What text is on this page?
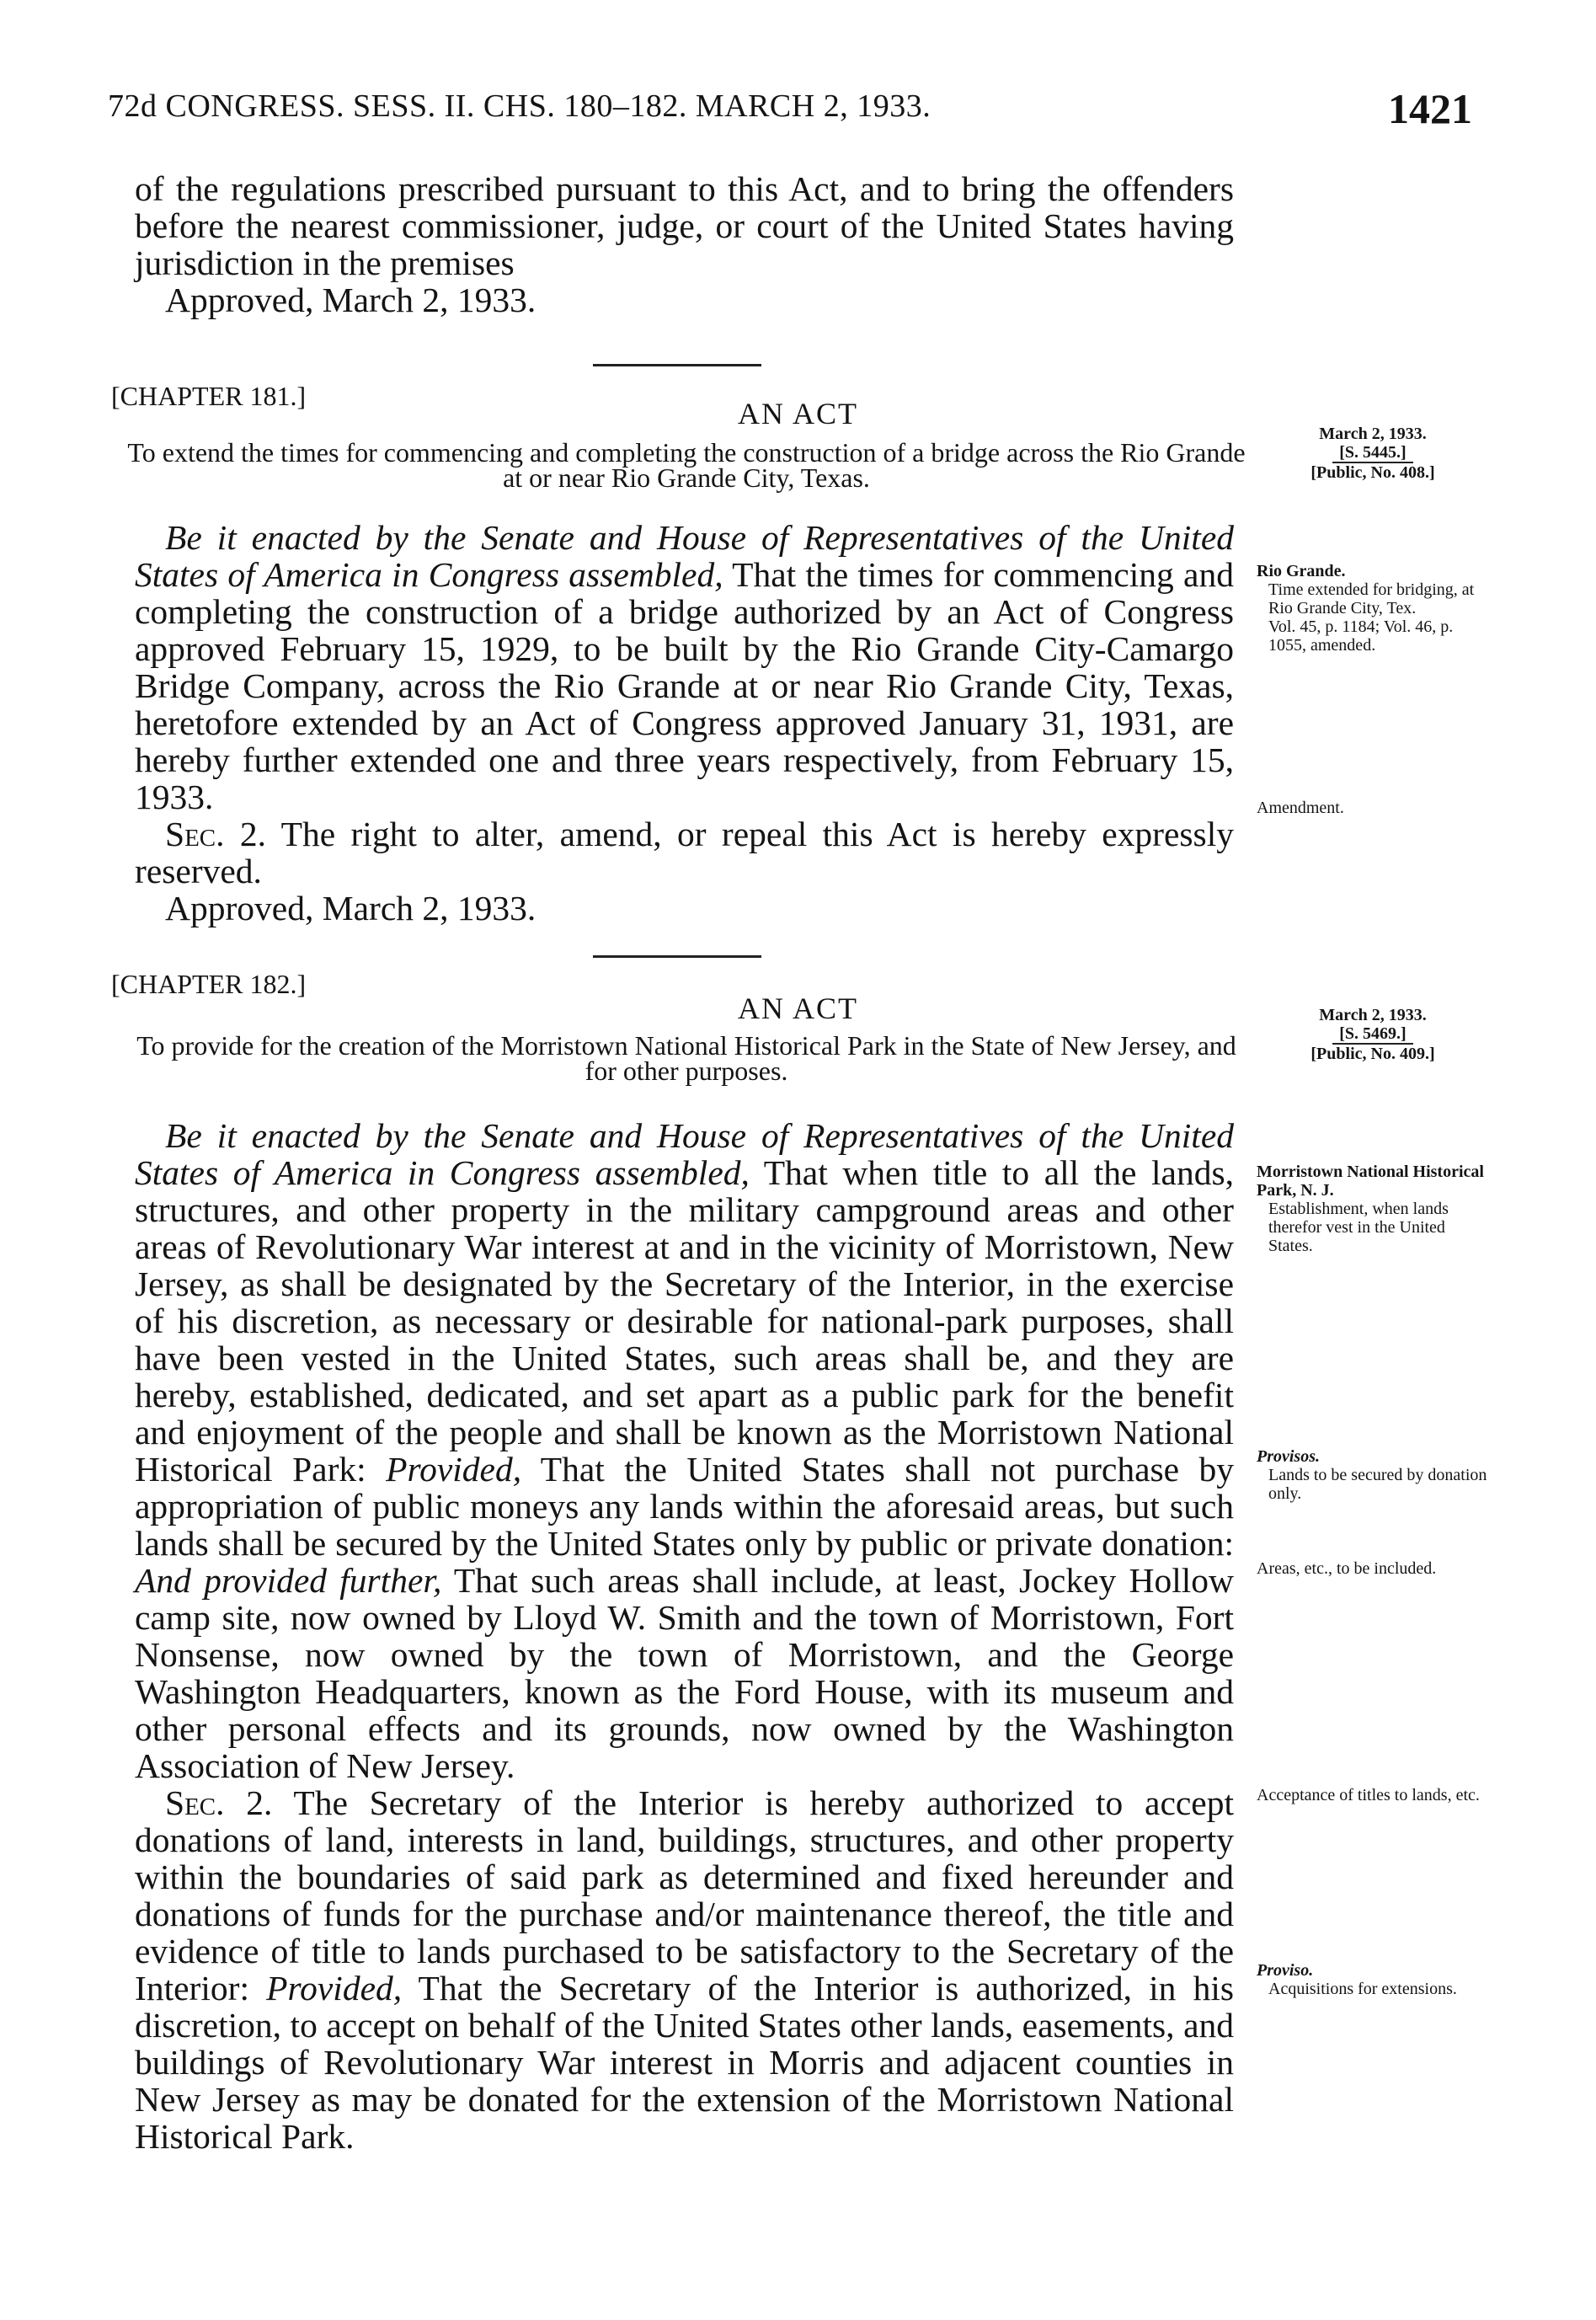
72d CONGRESS. SESS. II. CHS. 180–182. MARCH 2, 1933.	1421

of the regulations prescribed pursuant to this Act, and to bring the offenders before the nearest commissioner, judge, or court of the United States having jurisdiction in the premises

Approved, March 2, 1933.

[CHAPTER 181.]
AN ACT
To extend the times for commencing and completing the construction of a bridge across the Rio Grande at or near Rio Grande City, Texas.
March 2, 1933.
[S. 5445.]
[Public, No. 408.]

Be it enacted by the Senate and House of Representatives of the United States of America in Congress assembled, That the times for commencing and completing the construction of a bridge authorized by an Act of Congress approved February 15, 1929, to be built by the Rio Grande City-Camargo Bridge Company, across the Rio Grande at or near Rio Grande City, Texas, heretofore extended by an Act of Congress approved January 31, 1931, are hereby further extended one and three years respectively, from February 15, 1933.

Sec. 2. The right to alter, amend, or repeal this Act is hereby expressly reserved.

Approved, March 2, 1933.

Rio Grande.
Time extended for bridging, at Rio Grande City, Tex.
Vol. 45, p. 1184; Vol. 46, p. 1055, amended.
Amendment.
[CHAPTER 182.]
AN ACT
To provide for the creation of the Morristown National Historical Park in the State of New Jersey, and for other purposes.
March 2, 1933.
[S. 5469.]
[Public, No. 409.]

Be it enacted by the Senate and House of Representatives of the United States of America in Congress assembled, That when title to all the lands, structures, and other property in the military campground areas and other areas of Revolutionary War interest at and in the vicinity of Morristown, New Jersey, as shall be designated by the Secretary of the Interior, in the exercise of his discretion, as necessary or desirable for national-park purposes, shall have been vested in the United States, such areas shall be, and they are hereby, established, dedicated, and set apart as a public park for the benefit and enjoyment of the people and shall be known as the Morristown National Historical Park: Provided, That the United States shall not purchase by appropriation of public moneys any lands within the aforesaid areas, but such lands shall be secured by the United States only by public or private donation: And provided further, That such areas shall include, at least, Jockey Hollow camp site, now owned by Lloyd W. Smith and the town of Morristown, Fort Nonsense, now owned by the town of Morristown, and the George Washington Headquarters, known as the Ford House, with its museum and other personal effects and its grounds, now owned by the Washington Association of New Jersey.

Sec. 2. The Secretary of the Interior is hereby authorized to accept donations of land, interests in land, buildings, structures, and other property within the boundaries of said park as determined and fixed hereunder and donations of funds for the purchase and/or maintenance thereof, the title and evidence of title to lands purchased to be satisfactory to the Secretary of the Interior: Provided, That the Secretary of the Interior is authorized, in his discretion, to accept on behalf of the United States other lands, easements, and buildings of Revolutionary War interest in Morris and adjacent counties in New Jersey as may be donated for the extension of the Morristown National Historical Park.

Morristown National Historical Park, N. J.
Establishment, when lands therefor vest in the United States.
Provisos.
Lands to be secured by donation only.
Areas, etc., to be included.
Acceptance of titles to lands, etc.
Proviso.
Acquisitions for extensions.
